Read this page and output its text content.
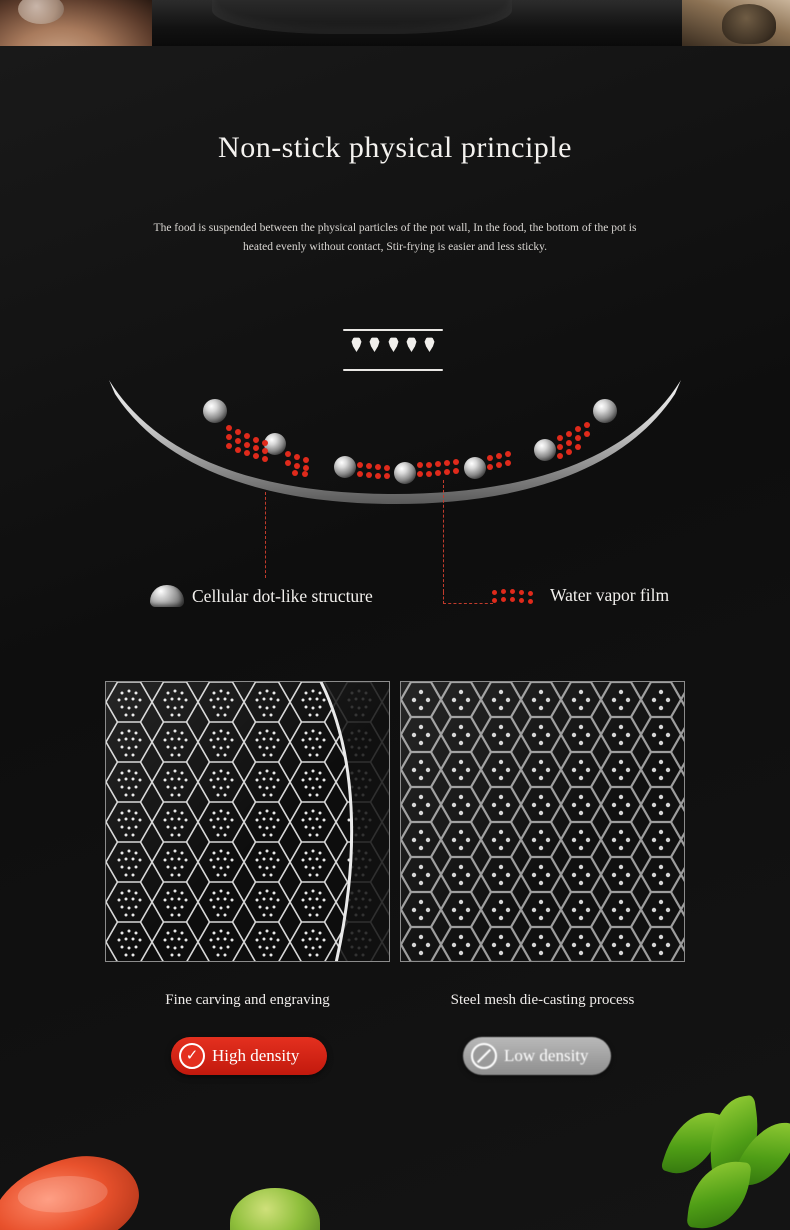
Non-stick physical principle
The food is suspended between the physical particles of the pot wall, In the food, the bottom of the pot is heated evenly without contact, Stir-frying is easier and less sticky.
Cellular dot-like structure	Water vapor film
Fine carving and engraving	Steel mesh die-casting process
✓ High density	Low density
